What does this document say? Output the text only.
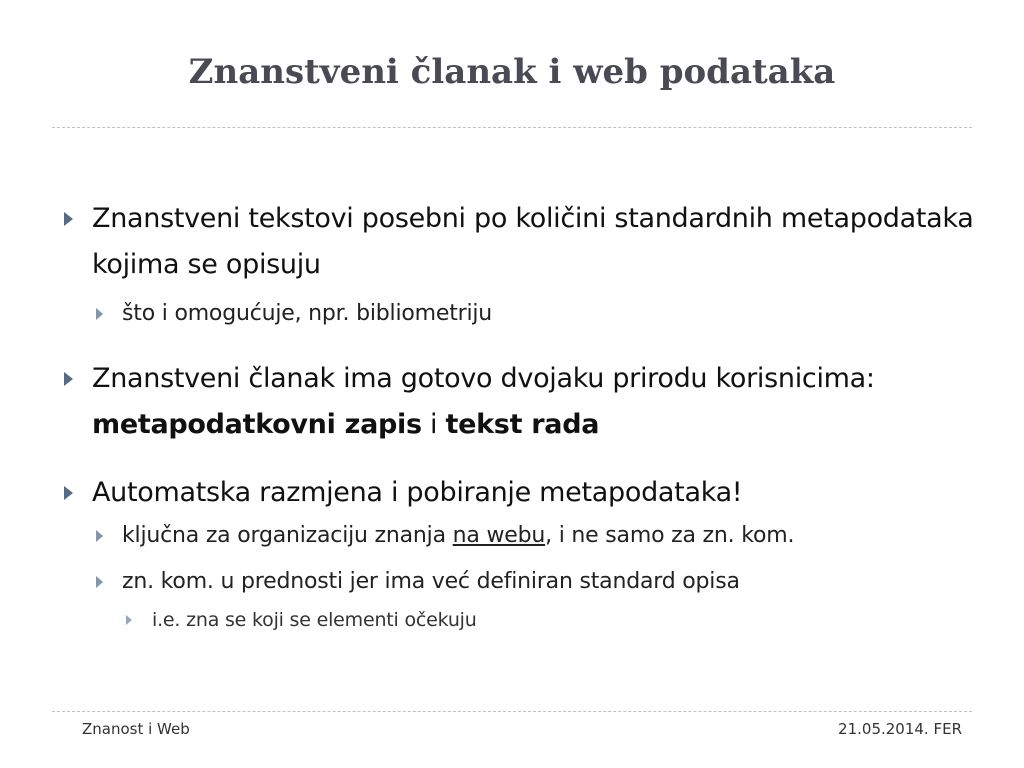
Znanstveni članak i web podataka
Znanstveni tekstovi posebni po količini standardnih metapodataka kojima se opisuju
što i omogućuje, npr. bibliometriju
Znanstveni članak ima gotovo dvojaku prirodu korisnicima: metapodatkovni zapis i tekst rada
Automatska razmjena i pobiranje metapodataka!
ključna za organizaciju znanja na webu, i ne samo za zn. kom.
zn. kom. u prednosti jer ima već definiran standard opisa
i.e. zna se koji se elementi očekuju
Znanost i Web	21.05.2014. FER
